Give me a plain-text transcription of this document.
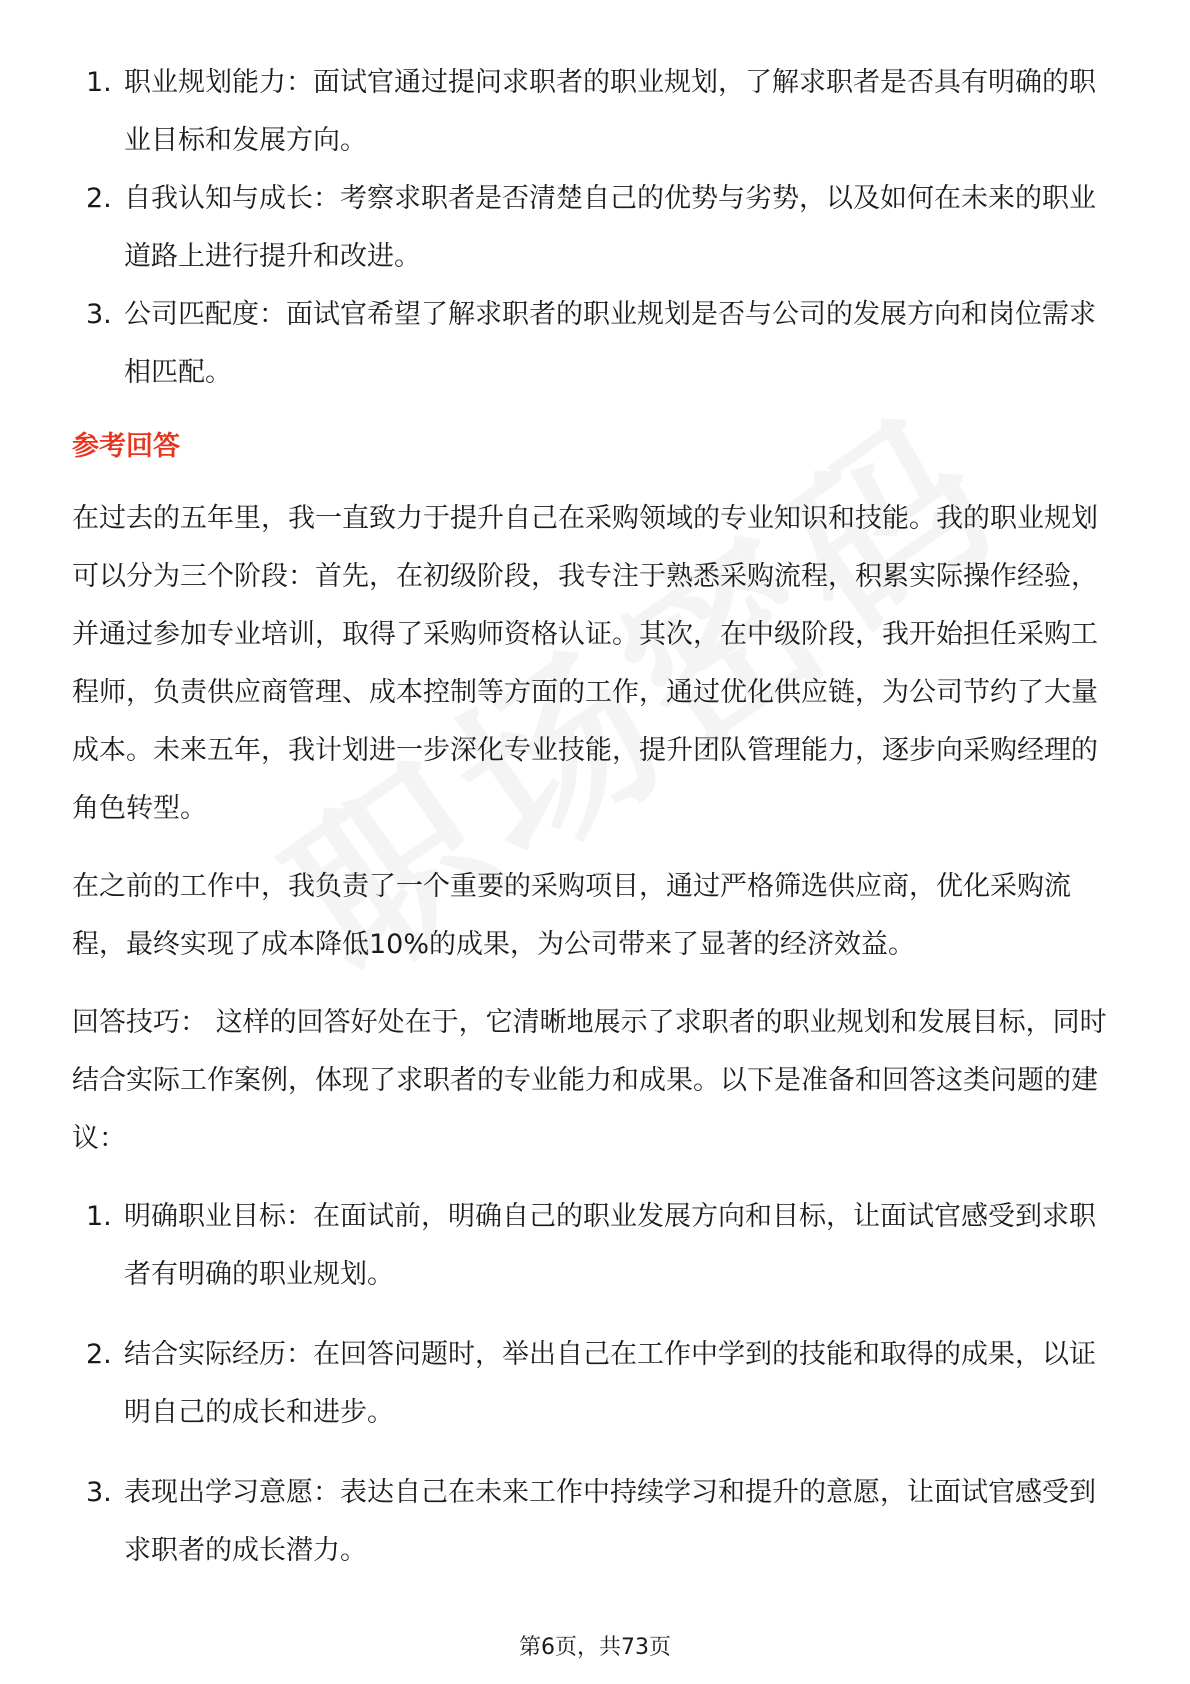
1. 职业规划能力：面试官通过提问求职者的职业规划，了解求职者是否具有明确的职业目标和发展方向。
2. 自我认知与成长：考察求职者是否清楚自己的优势与劣势，以及如何在未来的职业道路上进行提升和改进。
3. 公司匹配度：面试官希望了解求职者的职业规划是否与公司的发展方向和岗位需求相匹配。
参考回答

在过去的五年里，我一直致力于提升自己在采购领域的专业知识和技能。我的职业规划可以分为三个阶段：首先，在初级阶段，我专注于熟悉采购流程，积累实际操作经验，并通过参加专业培训，取得了采购师资格认证。其次，在中级阶段，我开始担任采购工程师，负责供应商管理、成本控制等方面的工作，通过优化供应链，为公司节约了大量成本。未来五年，我计划进一步深化专业技能，提升团队管理能力，逐步向采购经理的角色转型。

在之前的工作中，我负责了一个重要的采购项目，通过严格筛选供应商，优化采购流程，最终实现了成本降低10%的成果，为公司带来了显著的经济效益。

回答技巧： 这样的回答好处在于，它清晰地展示了求职者的职业规划和发展目标，同时结合实际工作案例，体现了求职者的专业能力和成果。以下是准备和回答这类问题的建议：

1. 明确职业目标：在面试前，明确自己的职业发展方向和目标，让面试官感受到求职者有明确的职业规划。
2. 结合实际经历：在回答问题时，举出自己在工作中学到的技能和取得的成果，以证明自己的成长和进步。
3. 表现出学习意愿：表达自己在未来工作中持续学习和提升的意愿，让面试官感受到求职者的成长潜力。
第6页，共73页
